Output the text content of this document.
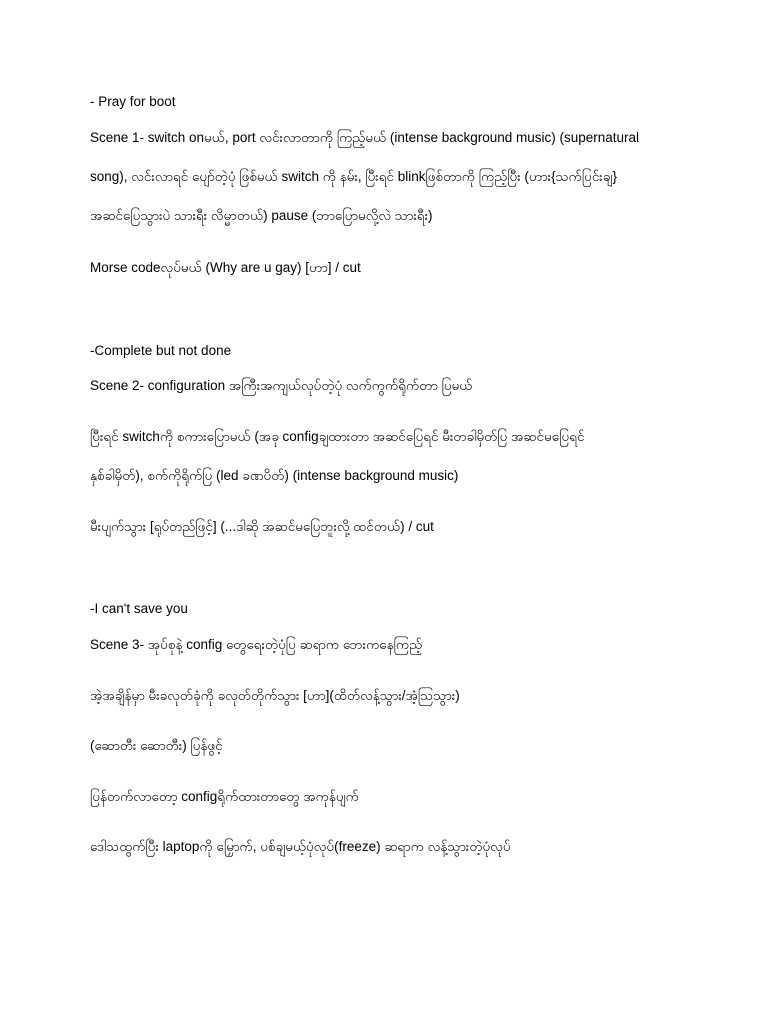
- Pray for boot
Scene 1- switch onမယ်, port လင်းလာတာကို ကြည့်မယ် (intense background music) (supernatural
song), လင်းလာရင် ပျော်တဲ့ပုံ ဖြစ်မယ် switch ကို နမ်း, ပြီးရင် blinkဖြစ်တာကို ကြည့်ပြီး (ဟား{သက်ပြင်းချ}
အဆင်ပြေသွားပဲ သားရီး လိမ္မာတယ်) pause (ဘာပြောမလို့လဲ သားရီး)
Morse codeလုပ်မယ် (Why are u gay) [ဟာ] / cut
-Complete but not done
Scene 2- configuration အကြီးအကျယ်လုပ်တဲ့ပုံ လက်ကွက်ရိုက်တာ ပြမယ်
ပြီးရင် switchကို စကားပြောမယ် (အခု configချထားတာ အဆင်ပြေရင် မီးတခါမှိတ်ပြ အဆင်မပြေရင်
နှစ်ခါမှိတ်), စက်ကိုရိုက်ပြ (led ခဏပိတ်) (intense background music)
မီးပျက်သွား [ရုပ်တည်ဖြင့်] (...ဒါဆို အဆင်မပြေဘူးလို့ ထင်တယ်) / cut
-I can't save you
Scene 3- အုပ်စုနဲ့ config တွေရေးတဲ့ပုံပြ ဆရာက ဘေးကနေကြည့်
အဲ့အချိန်မှာ မီးခလုတ်ခုံကို ခလုတ်တိုက်သွား [ဟာ](ထိတ်လန့်သွား/အံ့သြသွား)
(ဆောတီး ဆောတီး) ပြန်ဖွင့်
ပြန်တက်လာတော့ configရိုက်ထားတာတွေ အကုန်ပျက်
ဒေါသထွက်ပြီး laptopကို မြှောက်, ပစ်ချမယ့်ပုံလုပ်(freeze) ဆရာက လန့်သွားတဲ့ပုံလုပ်
